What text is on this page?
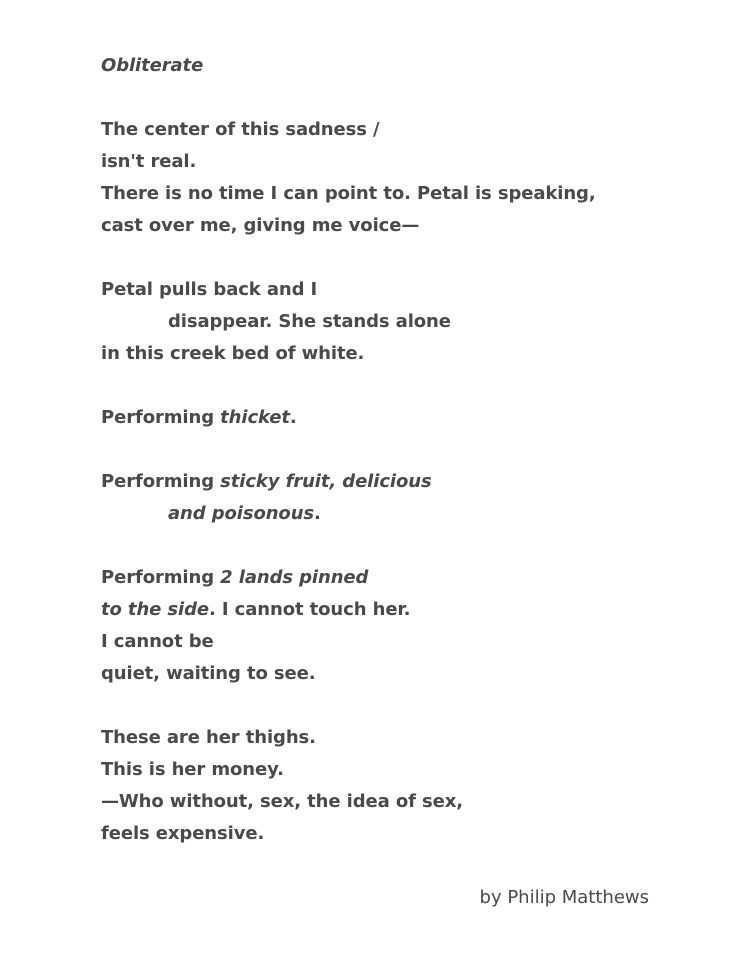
Obliterate
The center of this sadness /
isn't real.
There is no time I can point to. Petal is speaking,
cast over me, giving me voice—
Petal pulls back and I
disappear. She stands alone
in this creek bed of white.
Performing thicket.
Performing sticky fruit, delicious
and poisonous.
Performing 2 lands pinned
to the side. I cannot touch her.
I cannot be
quiet, waiting to see.
These are her thighs.
This is her money.
—Who without, sex, the idea of sex,
feels expensive.
by Philip Matthews
